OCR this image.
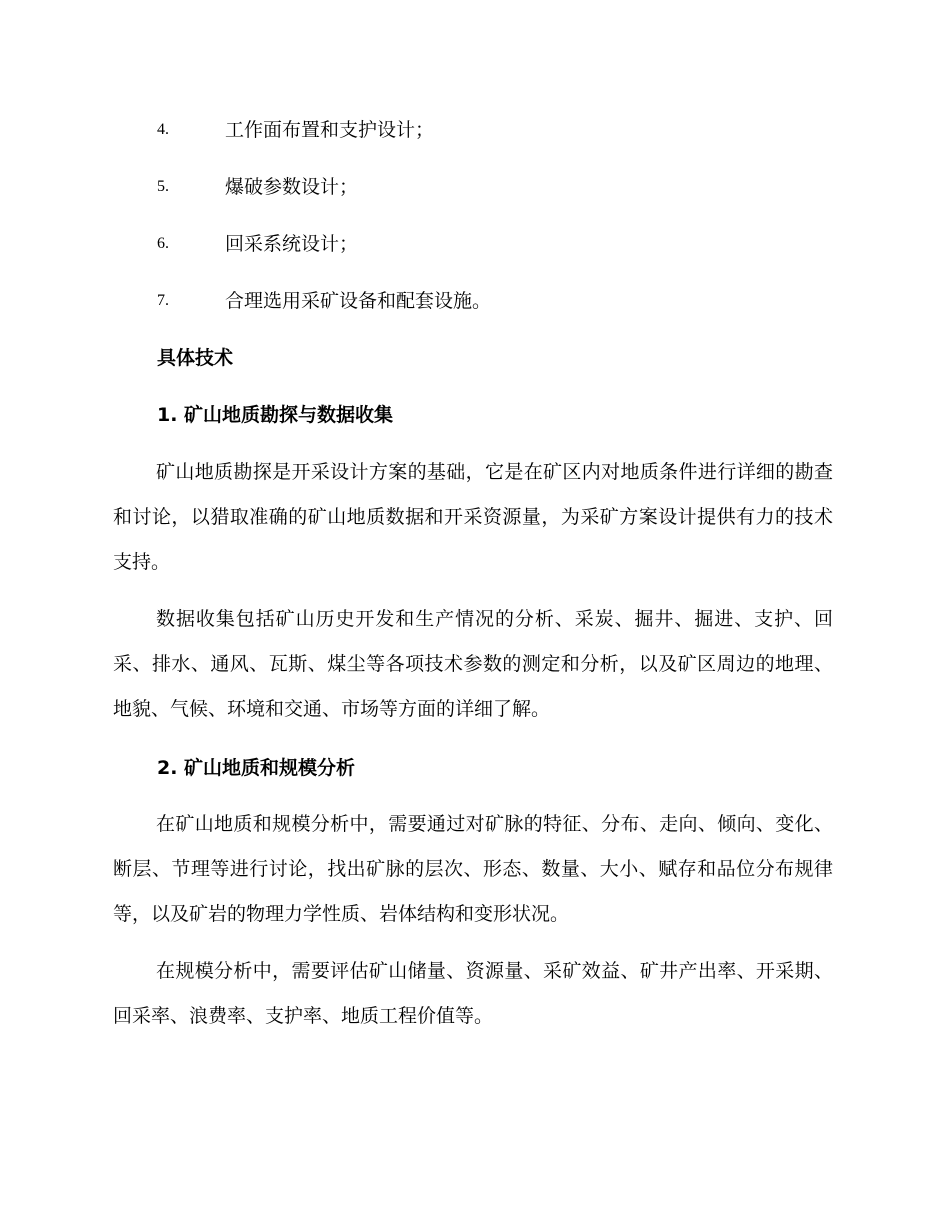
4.	工作面布置和支护设计；
5.	爆破参数设计；
6.	回采系统设计；
7.	合理选用采矿设备和配套设施。
具体技术
1. 矿山地质勘探与数据收集

矿山地质勘探是开采设计方案的基础，它是在矿区内对地质条件进行详细的勘查和讨论，以猎取准确的矿山地质数据和开采资源量，为采矿方案设计提供有力的技术支持。

数据收集包括矿山历史开发和生产情况的分析、采炭、掘井、掘进、支护、回采、排水、通风、瓦斯、煤尘等各项技术参数的测定和分析，以及矿区周边的地理、地貌、气候、环境和交通、市场等方面的详细了解。

2. 矿山地质和规模分析

在矿山地质和规模分析中，需要通过对矿脉的特征、分布、走向、倾向、变化、断层、节理等进行讨论，找出矿脉的层次、形态、数量、大小、赋存和品位分布规律等，以及矿岩的物理力学性质、岩体结构和变形状况。

在规模分析中，需要评估矿山储量、资源量、采矿效益、矿井产出率、开采期、回采率、浪费率、支护率、地质工程价值等。
